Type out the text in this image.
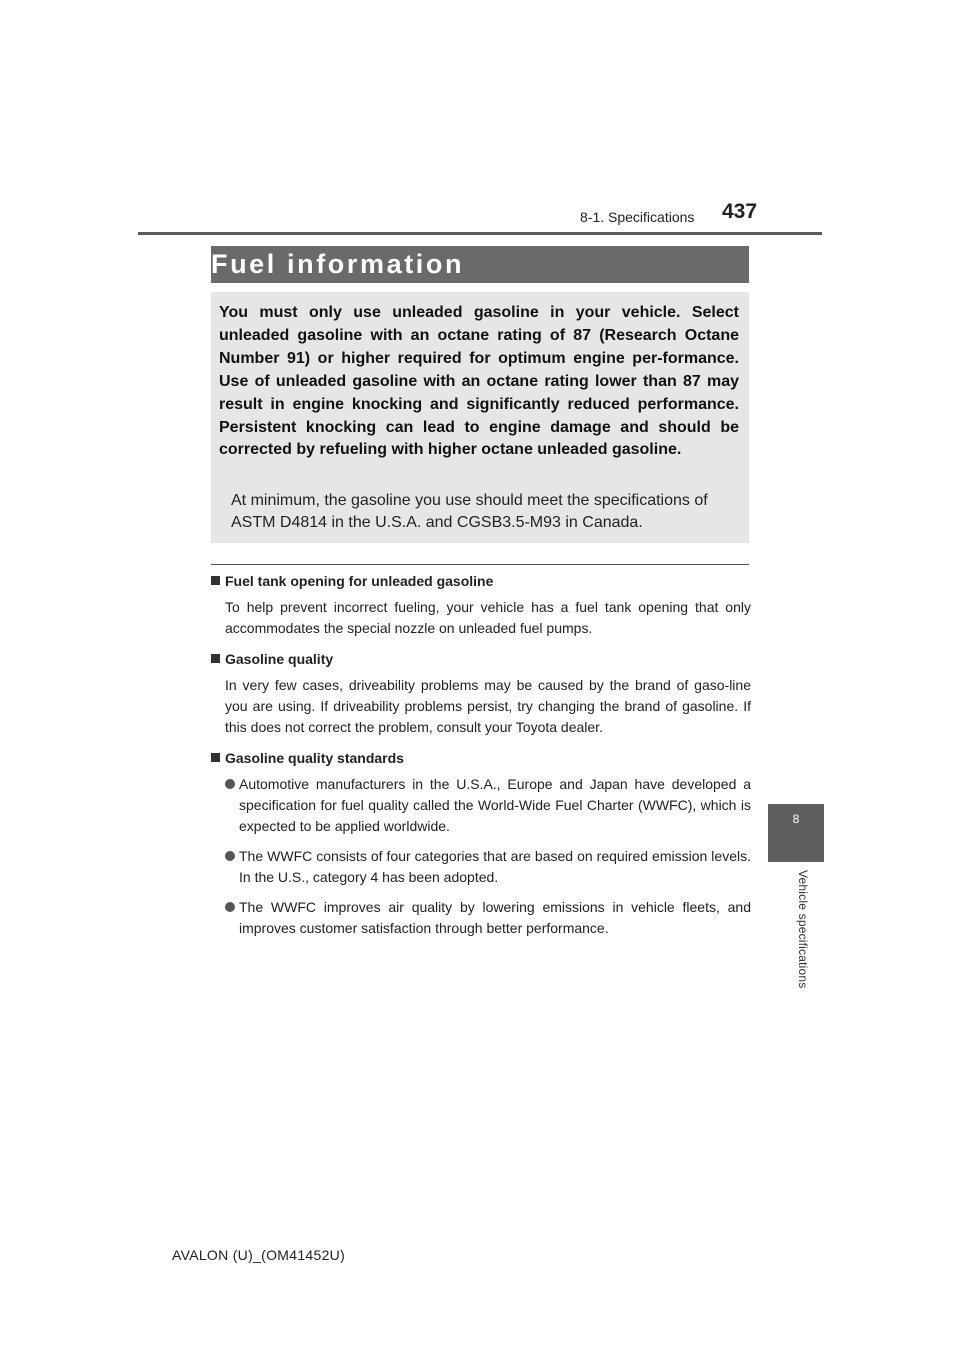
8-1. Specifications 437
8
Vehicle specifications
Fuel information
You must only use unleaded gasoline in your vehicle. Select unleaded gasoline with an octane rating of 87 (Research Octane Number 91) or higher required for optimum engine per-formance. Use of unleaded gasoline with an octane rating lower than 87 may result in engine knocking and significantly reduced performance. Persistent knocking can lead to engine damage and should be corrected by refueling with higher octane unleaded gasoline.
At minimum, the gasoline you use should meet the specifications of ASTM D4814 in the U.S.A. and CGSB3.5-M93 in Canada.
Fuel tank opening for unleaded gasoline
To help prevent incorrect fueling, your vehicle has a fuel tank opening that only accommodates the special nozzle on unleaded fuel pumps.
Gasoline quality
In very few cases, driveability problems may be caused by the brand of gaso-line you are using. If driveability problems persist, try changing the brand of gasoline. If this does not correct the problem, consult your Toyota dealer.
Gasoline quality standards
Automotive manufacturers in the U.S.A., Europe and Japan have developed a specification for fuel quality called the World-Wide Fuel Charter (WWFC), which is expected to be applied worldwide.
The WWFC consists of four categories that are based on required emission levels. In the U.S., category 4 has been adopted.
The WWFC improves air quality by lowering emissions in vehicle fleets, and improves customer satisfaction through better performance.
AVALON (U)_(OM41452U)
